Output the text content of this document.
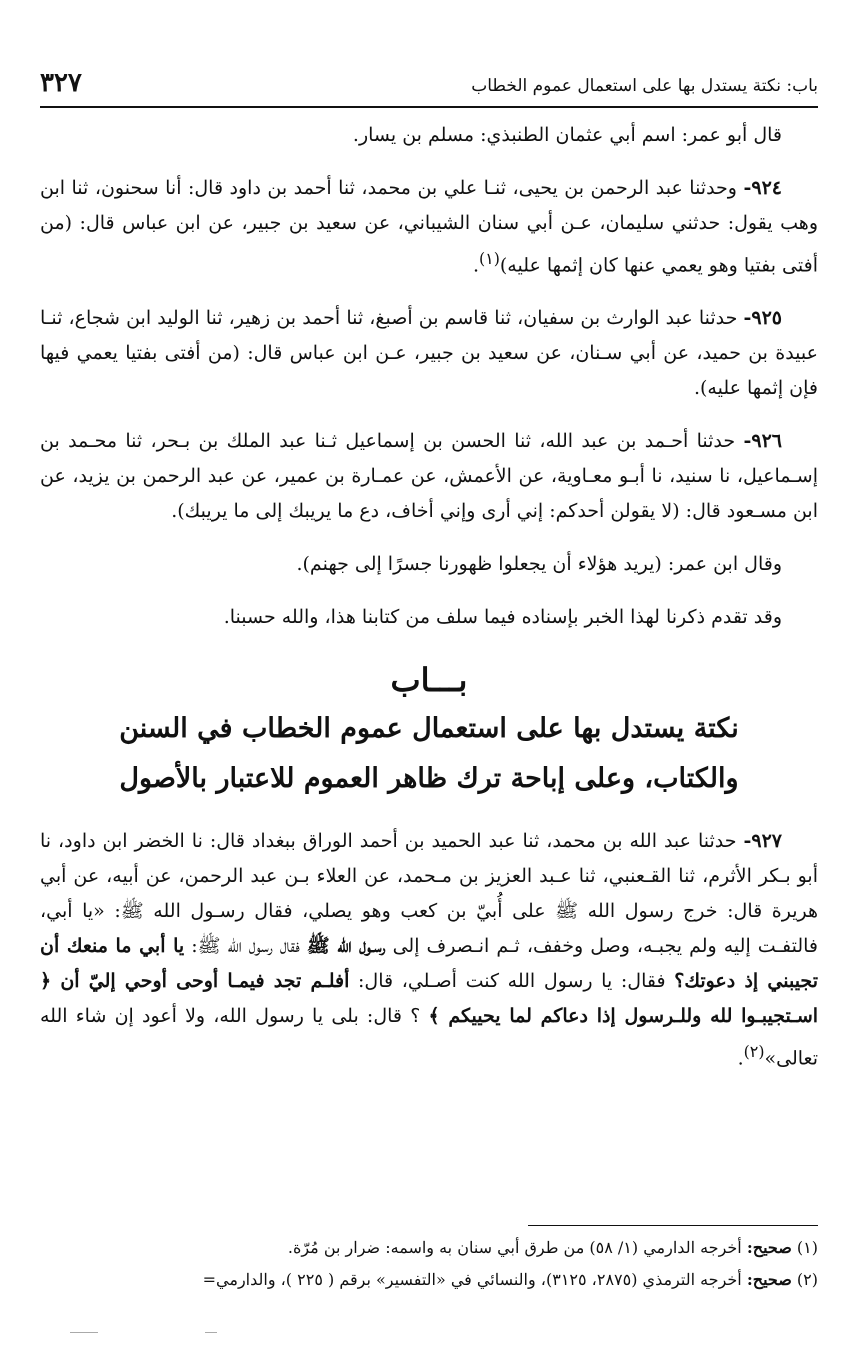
باب: نكتة يستدل بها على استعمال عموم الخطاب
٣٢٧

قال أبو عمر: اسم أبي عثمان الطنبذي: مسلم بن يسار.

٩٢٤- وحدثنا عبد الرحمن بن يحيى، ثنـا علي بن محمد، ثنا أحمد بن داود قال: أنا سحنون، ثنا ابن وهب يقول: حدثني سليمان، عـن أبي سنان الشيباني، عن سعيد بن جبير، عن ابن عباس قال: (من أفتى بفتيا وهو يعمي عنها كان إثمها عليه)$^{(١)}$.

٩٢٥- حدثنا عبد الوارث بن سفيان، ثنا قاسم بن أصبغ، ثنا أحمد بن زهير، ثنا الوليد ابن شجاع، ثنـا عبيدة بن حميد، عن أبي سـنان، عن سعيد بن جبير، عـن ابن عباس قال: (من أفتى بفتيا يعمي فيها فإن إثمها عليه).

٩٢٦- حدثنا أحـمد بن عبد الله، ثنا الحسن بن إسماعيل ثـنا عبد الملك بن بـحر، ثنا محـمد بن إسـماعيل، نا سنيد، نا أبـو معـاوية، عن الأعمش، عن عمـارة بن عمير، عن عبد الرحمن بن يزيد، عن ابن مسـعود قال: (لا يقولن أحدكم: إني أرى وإني أخاف، دع ما يريبك إلى ما يريبك).

وقال ابن عمر: (يريد هؤلاء أن يجعلوا ظهورنا جسرًا إلى جهنم).

وقد تقدم ذكرنا لهذا الخبر بإسناده فيما سلف من كتابنا هذا، والله حسبنا.

بـــاب
نكتة يستدل بها على استعمال عموم الخطاب في السنن
والكتاب، وعلى إباحة ترك ظاهر العموم للاعتبار بالأصول

٩٢٧- حدثنا عبد الله بن محمد، ثنا عبد الحميد بن أحمد الوراق ببغداد قال: نا الخضر ابن داود، نا أبو بـكر الأثرم، ثنا القـعنبي، ثنا عـبد العزيز بن مـحمد، عن العلاء بـن عبد الرحمن، عن أبيه، عن أبي هريرة قال: خرج رسول الله ﷺ على أُبيّ بن كعب وهو يصلي، فقال رسـول الله ﷺ: «يا أبي، فالتفـت إليه ولم يجبـه، وصل وخفف، ثـم انـصرف إلى رسـول الله ﷺ فقال رسول الله ﷺ: يا أبي ما منعك أن تجيبني إذ دعوتك؟ فقال: يا رسول الله كنت أصـلي، قال: أفلـم تجد فيمـا أوحى أوحي إليّ أن ﴿ اسـتجيبـوا لله وللـرسول إذا دعاكم لما يحييكم ﴾ ؟ قال: بلى يا رسول الله، ولا أعود إن شاء الله تعالى»$^{(٢)}$.

(١) صحيح: أخرجه الدارمي (١/ ٥٨) من طرق أبي سنان به واسمه: ضرار بن مُرّة.

(٢) صحيح: أخرجه الترمذي (٢٨٧٥، ٣١٢٥)، والنسائي في «التفسير» برقم ( ٢٢٥ )، والدارمي=
